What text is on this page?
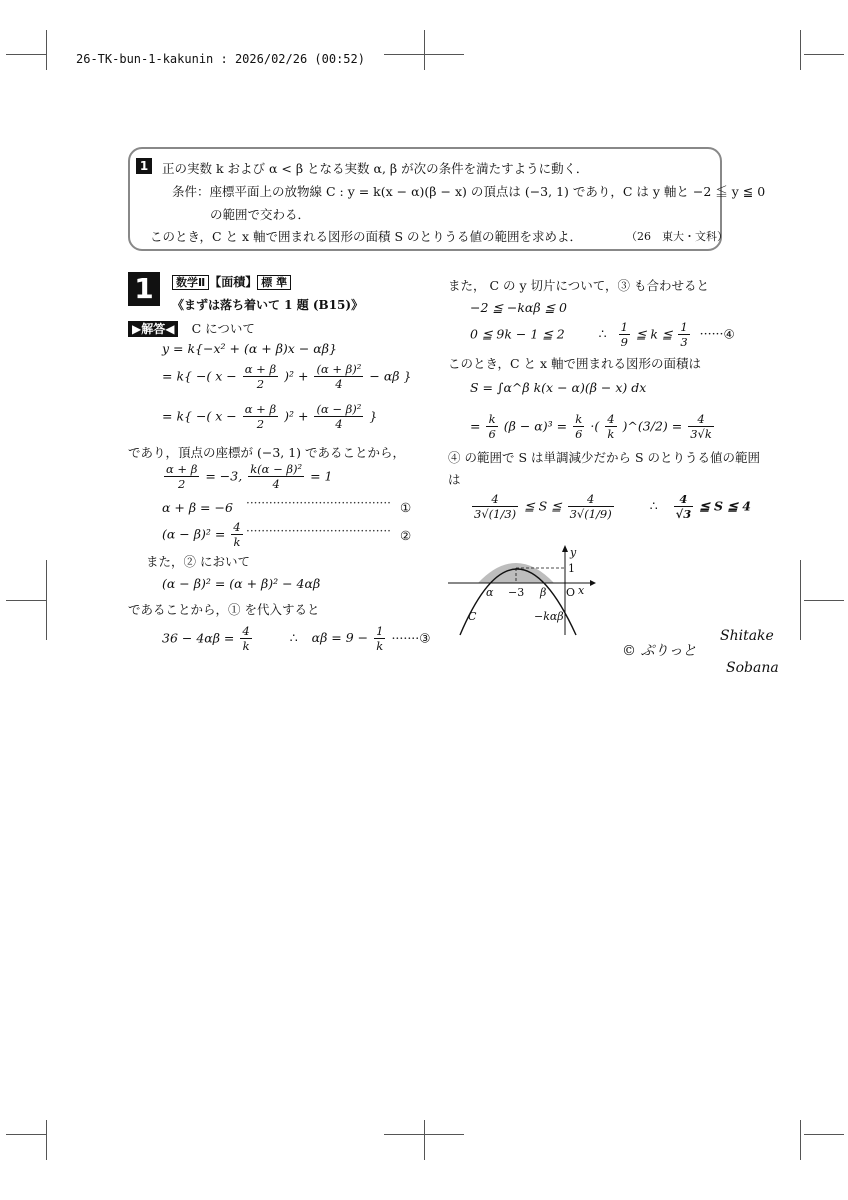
26-TK-bun-1-kakunin : 2026/02/26 (00:52)
1	正の実数 k および α < β となる実数 α, β が次の条件を満たすように動く．
条件：座標平面上の放物線 C : y = k(x − α)(β − x) の頂点は (−3, 1) であり，C は y 軸と −2 ≦ y ≦ 0
の範囲で交わる．
このとき，C と x 軸で囲まれる図形の面積 S のとりうる値の範囲を求めよ．	（26　東大・文科）
1	数学Ⅱ 【面積】 標 準
《まずは落ち着いて 1 題 (B15)》
▶解答◀ C について
y = k{−x² + (α + β)x − αβ}
= k{ −( $x - \frac{\alpha + \beta}{2} )^2 + \frac{\text{(α + β)²}}{4} - \alpha\beta$ }
= k{ −( $x - \frac{\alpha + \beta}{2} )^2 + \frac{\text{(α − β)²}}{4}$ }
であり，頂点の座標が (−3, 1) であることから，
$\frac{\alpha + \beta}{2} = -3$, $\frac{\text{k(α − β)²}}{4} = 1$
α + β = −6 ······································ ①
$(\alpha - \beta)^2 = \frac{4}{k}$ ······································ ②
また，② において
(α − β)² = (α + β)² − 4αβ
であることから，① を代入すると
$36 - 4\alpha\beta = \frac{4}{k}$	∴ $\alpha\beta = 9 - \frac{1}{k}$ ·······③
また， C の y 切片について，③ も合わせると
−2 ≦ −kαβ ≦ 0
0 ≦ 9k − 1 ≦ 2	∴ $\frac{1}{9}$ ≦ k ≦ $\frac{1}{3}$ ······④
このとき，C と x 軸で囲まれる図形の面積は
S = ∫α^β k(x − α)(β − x) dx
= $\frac{k}{6} (\beta - \alpha)^3 = \frac{k}{6}$ ·( $\frac{4}{k}$ )^(3/2) = $\frac{4}{3√k}$
④ の範囲で S は単調減少だから S のとりうる値の範囲
は
$\frac{4}{3√(1/3)}$ ≦ S ≦ $\frac{4}{3√(1/9)}$	∴ $\frac{4}{√3}$ ≦ S ≦ 4
y
1
α −3 β O x
C	−kαβ
© ぷりっと
Shitake
Sobana
